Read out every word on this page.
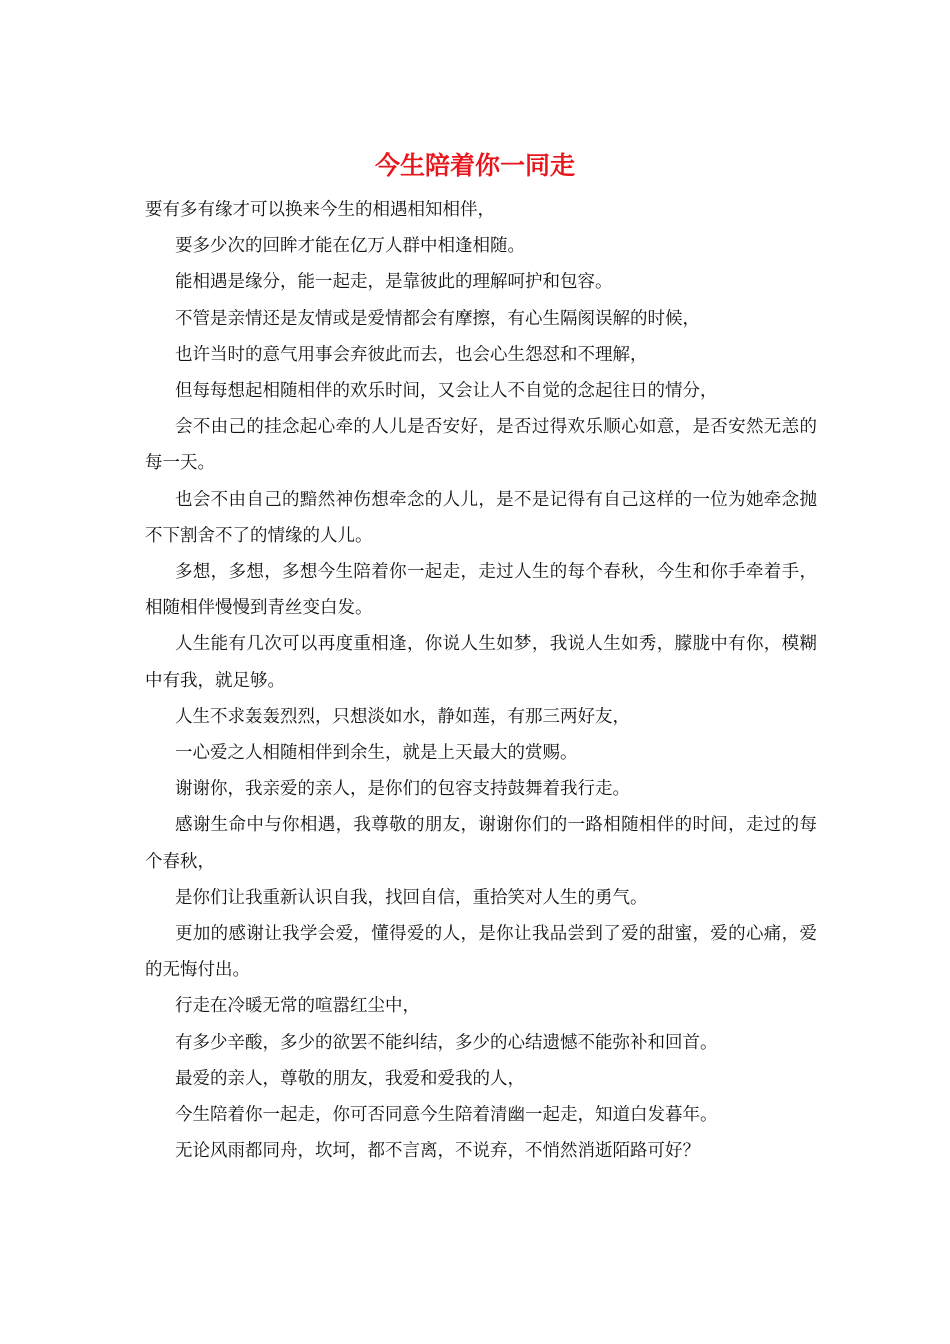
今生陪着你一同走

要有多有缘才可以换来今生的相遇相知相伴，

要多少次的回眸才能在亿万人群中相逢相随。

能相遇是缘分，能一起走，是靠彼此的理解呵护和包容。

不管是亲情还是友情或是爱情都会有摩擦，有心生隔阂误解的时候，

也许当时的意气用事会弃彼此而去，也会心生怨怼和不理解，

但每每想起相随相伴的欢乐时间，又会让人不自觉的念起往日的情分，

会不由己的挂念起心牵的人儿是否安好，是否过得欢乐顺心如意，是否安然无恙的每一天。

也会不由自己的黯然神伤想牵念的人儿，是不是记得有自己这样的一位为她牵念抛不下割舍不了的情缘的人儿。

多想，多想，多想今生陪着你一起走，走过人生的每个春秋，今生和你手牵着手，相随相伴慢慢到青丝变白发。

人生能有几次可以再度重相逢，你说人生如梦，我说人生如秀，朦胧中有你，模糊中有我，就足够。

人生不求轰轰烈烈，只想淡如水，静如莲，有那三两好友，

一心爱之人相随相伴到余生，就是上天最大的赏赐。

谢谢你，我亲爱的亲人，是你们的包容支持鼓舞着我行走。

感谢生命中与你相遇，我尊敬的朋友，谢谢你们的一路相随相伴的时间，走过的每个春秋，

是你们让我重新认识自我，找回自信，重拾笑对人生的勇气。

更加的感谢让我学会爱，懂得爱的人，是你让我品尝到了爱的甜蜜，爱的心痛，爱的无悔付出。

行走在冷暖无常的喧嚣红尘中，

有多少辛酸，多少的欲罢不能纠结，多少的心结遗憾不能弥补和回首。

最爱的亲人，尊敬的朋友，我爱和爱我的人，

今生陪着你一起走，你可否同意今生陪着清幽一起走，知道白发暮年。

无论风雨都同舟，坎坷，都不言离，不说弃，不悄然消逝陌路可好？
